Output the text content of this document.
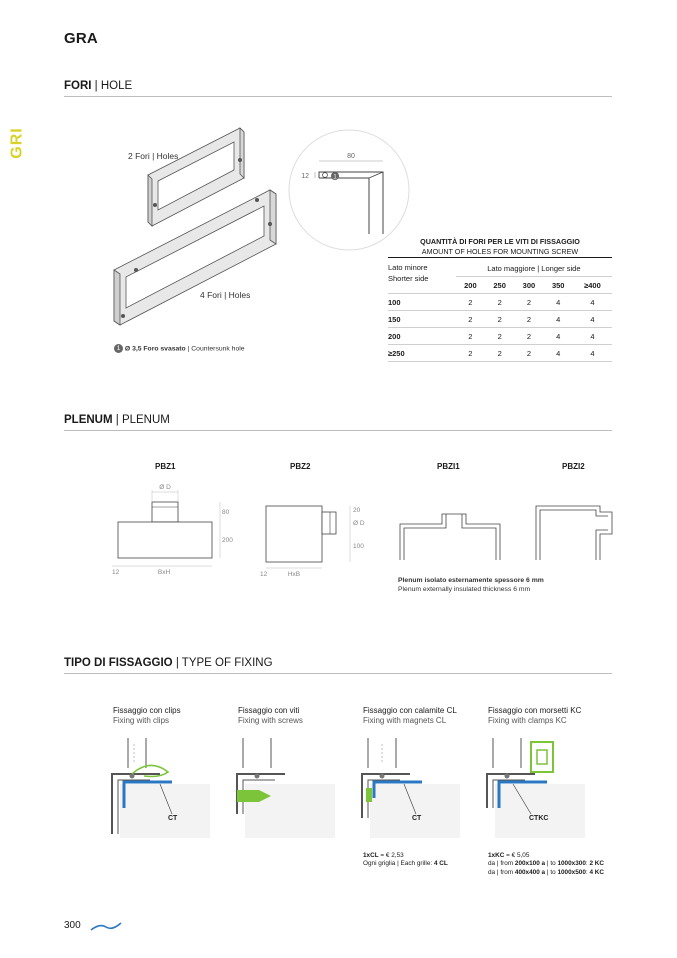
GRA
GRI
FORI | HOLE
2 Fori | Holes
4 Fori | Holes
1
80
12
1 Ø 3,5 Foro svasato | Countersunk hole
QUANTITÀ DI FORI PER LE VITI DI FISSAGGIO
AMOUNT OF HOLES FOR MOUNTING SCREW
Lato minore
Shorter side	Lato maggiore | Longer side				
	200	250	300	350	≥400
100	2	2	2	4	4
150	2	2	2	4	4
200	2	2	2	4	4
≥250	2	2	2	4	4
PLENUM | PLENUM
PBZ1	PBZ2	PBZI1	PBZI2
Ø D
80
200
12	BxH
20
Ø D
100
12	HxB
Plenum isolato esternamente spessore 6 mm
Plenum externally insulated thickness 6 mm
TIPO DI FISSAGGIO | TYPE OF FIXING
Fissaggio con clips
Fixing with clips
Fissaggio con viti
Fixing with screws
Fissaggio con calamite CL
Fixing with magnets CL
Fissaggio con morsetti KC
Fixing with clamps KC
CT	CT	CTKC
1xCL = € 2,53
Ogni griglia | Each grille: 4 CL
1xKC = € 5,05
da | from 200x100 a | to 1000x300: 2 KC
da | from 400x400 a | to 1000x500: 4 KC
300
